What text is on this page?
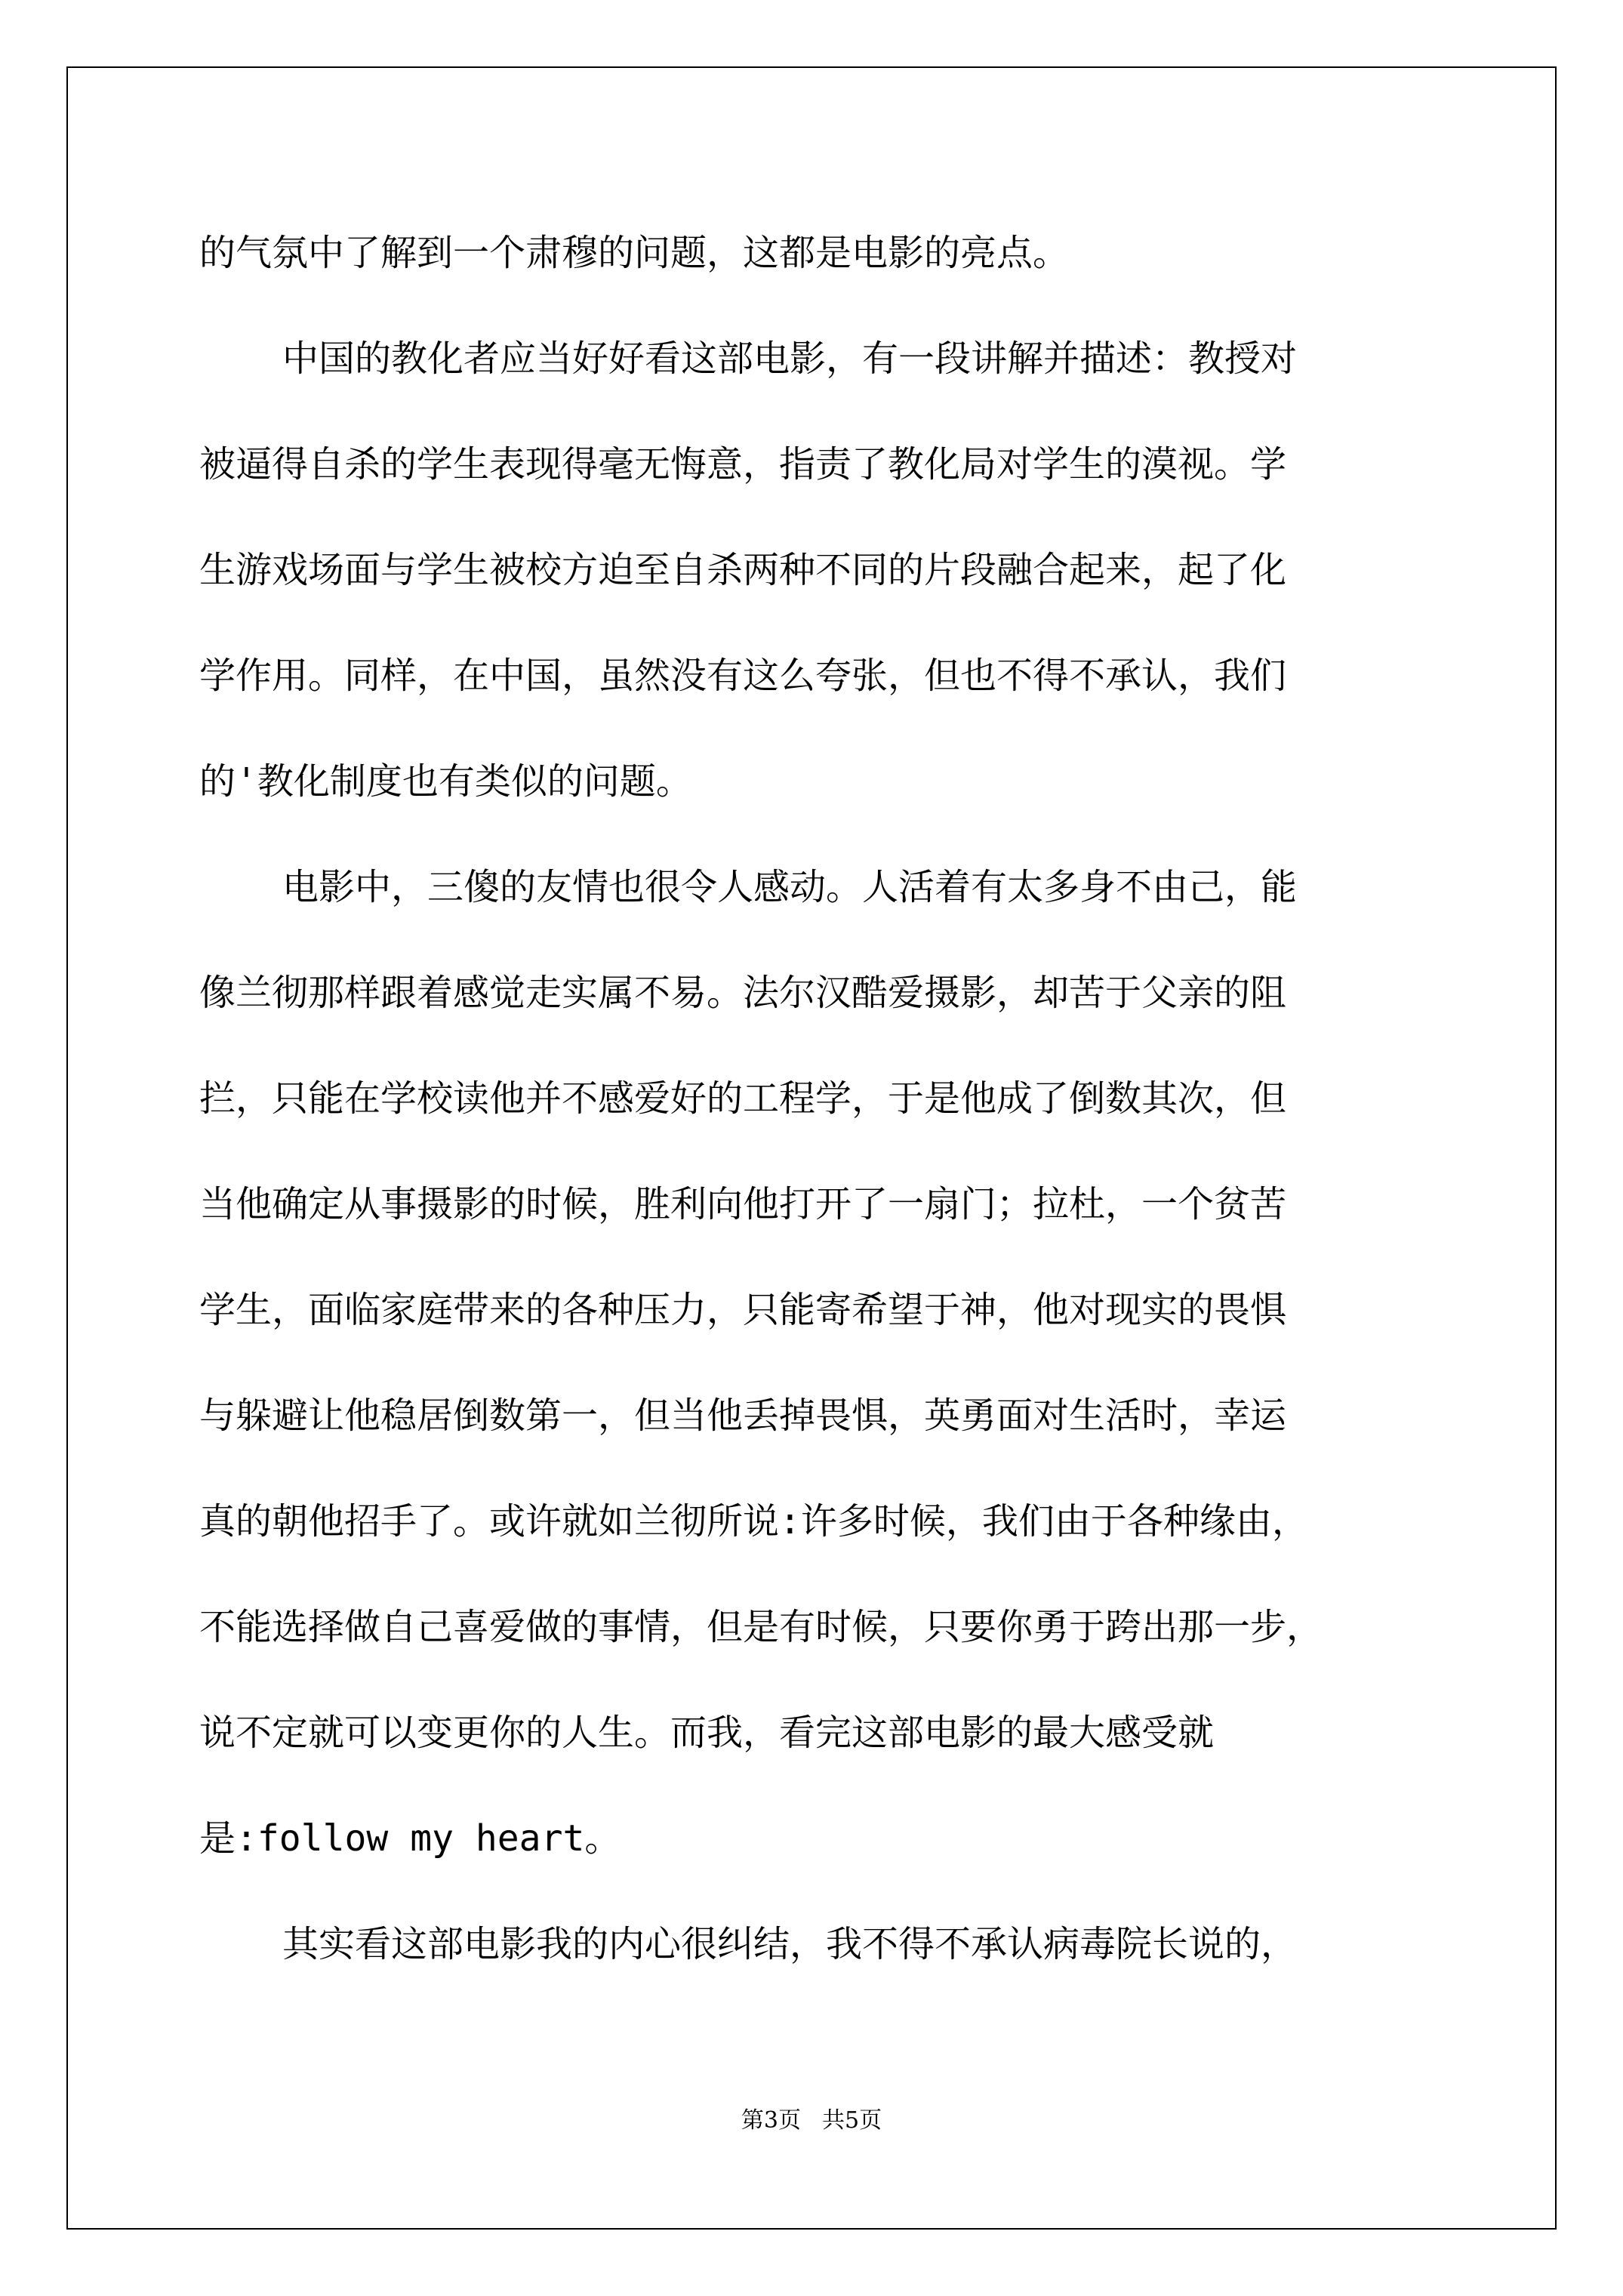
的气氛中了解到一个肃穆的问题，这都是电影的亮点。
中国的教化者应当好好看这部电影，有一段讲解并描述：教授对
被逼得自杀的学生表现得毫无悔意，指责了教化局对学生的漠视。学
生游戏场面与学生被校方迫至自杀两种不同的片段融合起来，起了化
学作用。同样，在中国，虽然没有这么夸张，但也不得不承认，我们
的'教化制度也有类似的问题。
电影中，三傻的友情也很令人感动。人活着有太多身不由己，能
像兰彻那样跟着感觉走实属不易。法尔汉酷爱摄影，却苦于父亲的阻
拦，只能在学校读他并不感爱好的工程学，于是他成了倒数其次，但
当他确定从事摄影的时候，胜利向他打开了一扇门；拉杜，一个贫苦
学生，面临家庭带来的各种压力，只能寄希望于神，他对现实的畏惧
与躲避让他稳居倒数第一，但当他丢掉畏惧，英勇面对生活时，幸运
真的朝他招手了。或许就如兰彻所说:许多时候，我们由于各种缘由，
不能选择做自己喜爱做的事情，但是有时候，只要你勇于跨出那一步，
说不定就可以变更你的人生。而我，看完这部电影的最大感受就
是:follow my heart。
其实看这部电影我的内心很纠结，我不得不承认病毒院长说的，
第3页 共5页
